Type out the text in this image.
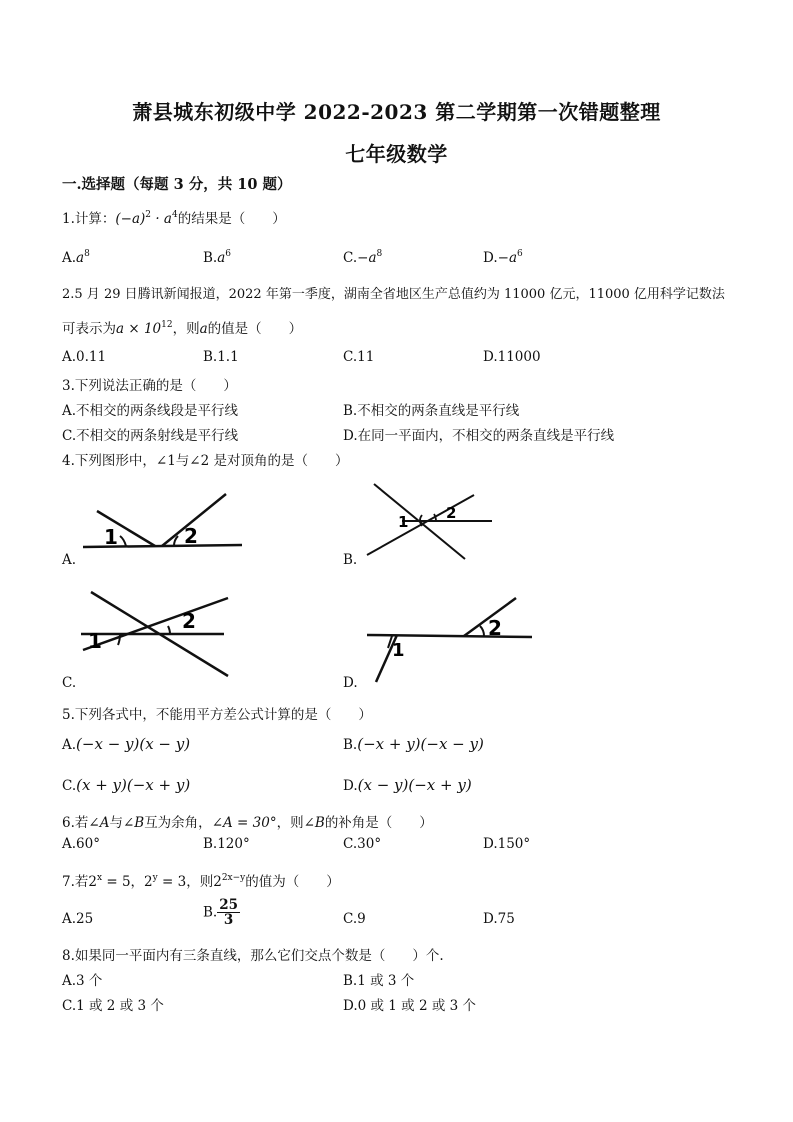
萧县城东初级中学 2022-2023 第二学期第一次错题整理
七年级数学
一.选择题（每题 3 分，共 10 题）
1.计算：$(-a)^2 \cdot a^4$的结果是（　　）
$A.a^8$	$B.a^6$	$C.-a^8$	$D.-a^6$
2.5 月 29 日腾讯新闻报道，2022 年第一季度，湖南全省地区生产总值约为 11000 亿元，11000 亿用科学记数法
可表示为$a \times 10^{12}$，则a的值是（　　）
A.0.11	B.1.1	C.11	D.11000
3.下列说法正确的是（　　）
A.不相交的两条线段是平行线	B.不相交的两条直线是平行线
C.不相交的两条射线是平行线	D.在同一平面内，不相交的两条直线是平行线
4.下列图形中，∠1与∠2 是对顶角的是（　　）
1	2
A.
1	2
B.
1
2
C.
1
2
D.
5.下列各式中，不能用平方差公式计算的是（　　）
A.(−x − y)(x − y)	B.(−x + y)(−x − y)
C.(x + y)(−x + y)	D.(x − y)(−x + y)
6.若∠A与∠B互为余角，∠A = 30°，则∠B的补角是（　　）
A.60°	B.120°	C.30°	D.150°
7.若$2^x = 5$，$2^y = 3$，则$2^{2x-y}$的值为（　　）
A.25	B. $\frac{25}{3}$	C.9	D.75
8.如果同一平面内有三条直线，那么它们交点个数是（　　）个.
A.3 个	B.1 或 3 个
C.1 或 2 或 3 个	D.0 或 1 或 2 或 3 个
